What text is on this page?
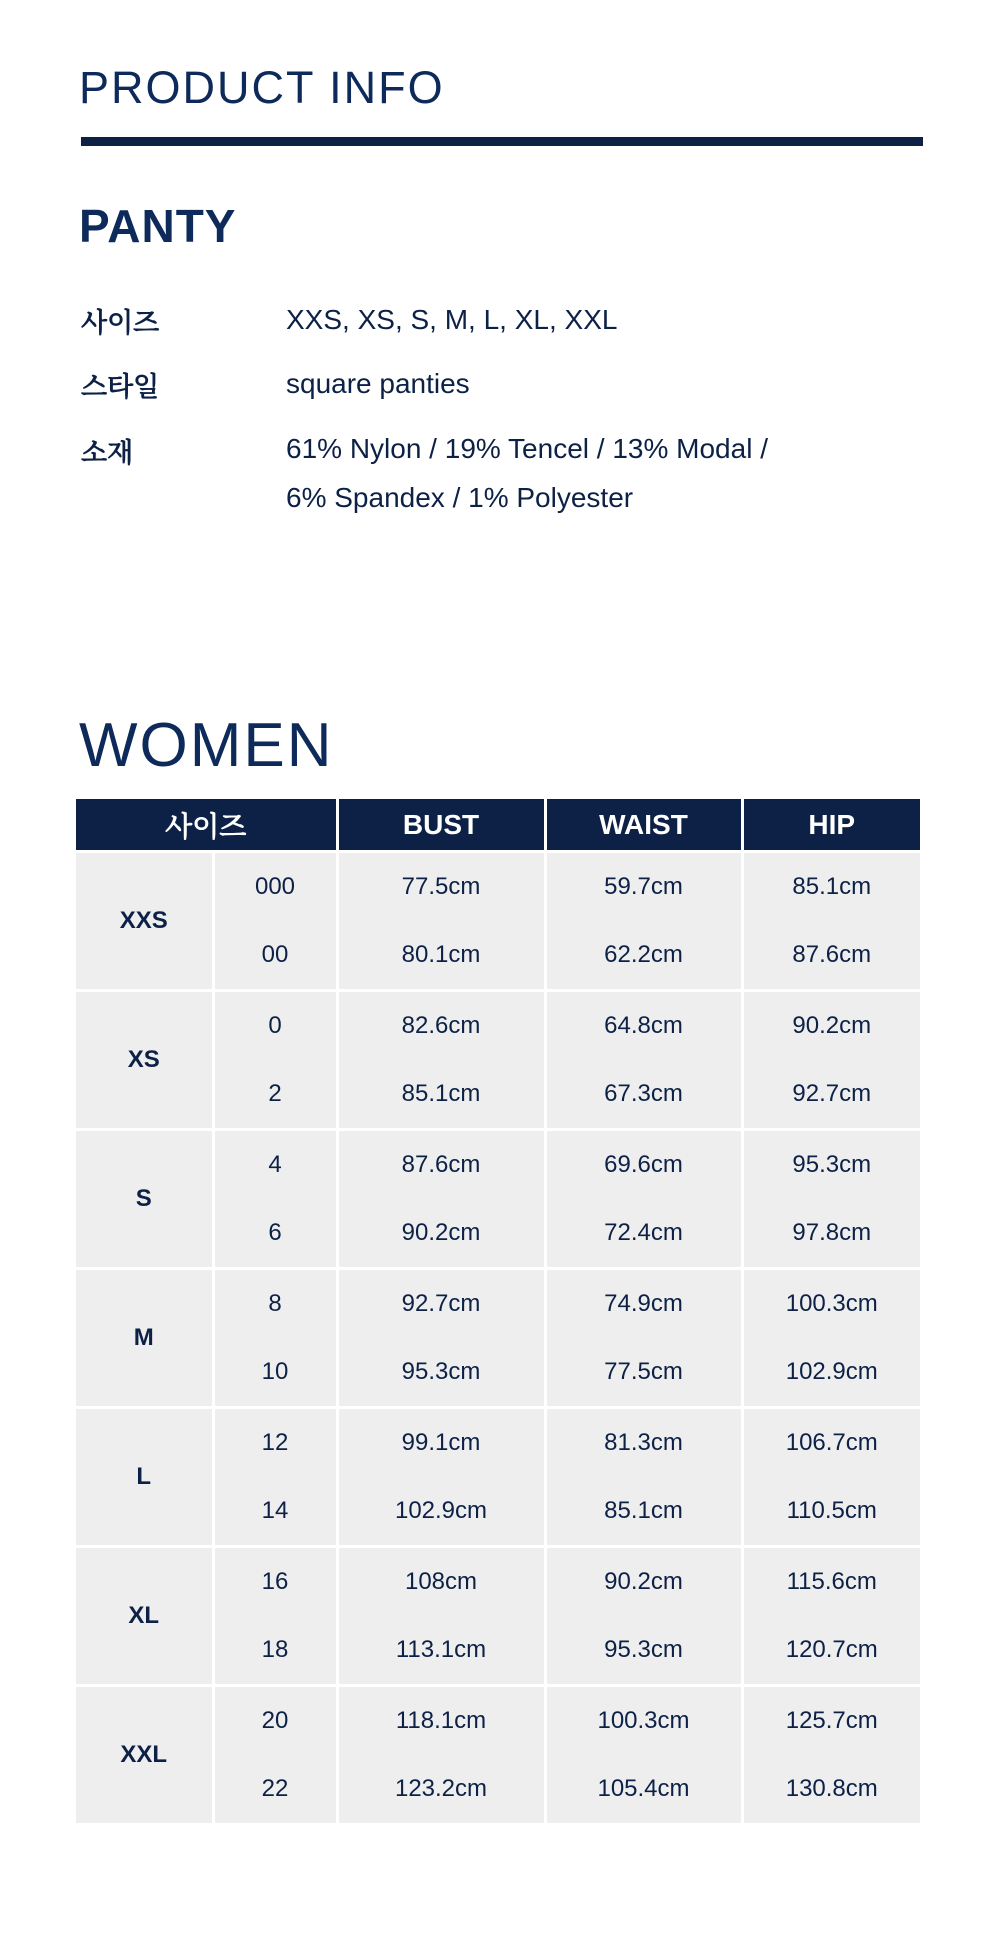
PRODUCT INFO
PANTY
사이즈	XXS, XS, S, M, L, XL, XXL
스타일	square panties
소재	61% Nylon / 19% Tencel / 13% Modal /
6% Spandex / 1% Polyester
WOMEN
사이즈		BUST	WAIST	HIP
XXS	000	77.5cm	59.7cm	85.1cm
	00	80.1cm	62.2cm	87.6cm
XS	0	82.6cm	64.8cm	90.2cm
	2	85.1cm	67.3cm	92.7cm
S	4	87.6cm	69.6cm	95.3cm
	6	90.2cm	72.4cm	97.8cm
M	8	92.7cm	74.9cm	100.3cm
	10	95.3cm	77.5cm	102.9cm
L	12	99.1cm	81.3cm	106.7cm
	14	102.9cm	85.1cm	110.5cm
XL	16	108cm	90.2cm	115.6cm
	18	113.1cm	95.3cm	120.7cm
XXL	20	118.1cm	100.3cm	125.7cm
	22	123.2cm	105.4cm	130.8cm
